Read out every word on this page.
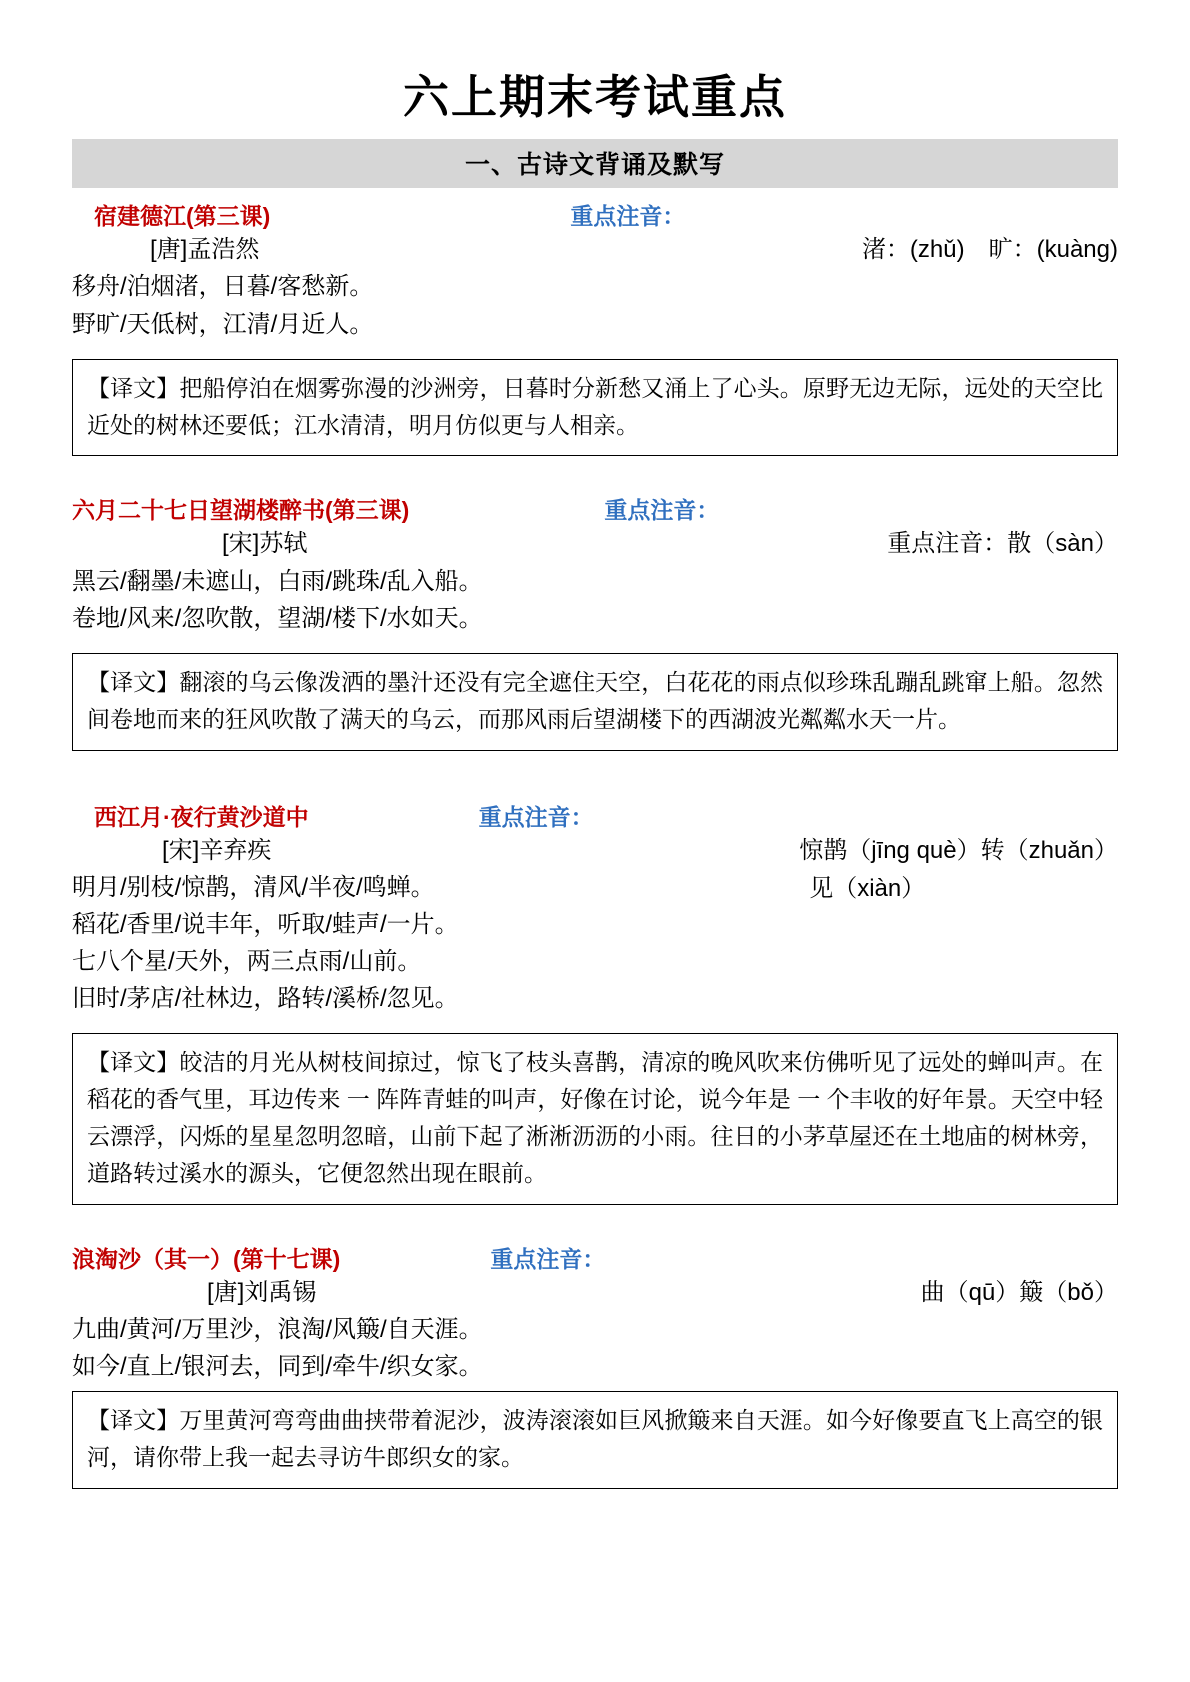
六上期末考试重点
一、古诗文背诵及默写
宿建德江(第三课)	重点注音：
[唐]孟浩然
移舟/泊烟渚，日暮/客愁新。
野旷/天低树，江清/月近人。
渚：(zhǔ)　旷：(kuàng)
【译文】把船停泊在烟雾弥漫的沙洲旁，日暮时分新愁又涌上了心头。原野无边无际，远处的天空比近处的树林还要低；江水清清，明月仿似更与人相亲。
六月二十七日望湖楼醉书(第三课)	重点注音：
[宋]苏轼
黑云/翻墨/未遮山，白雨/跳珠/乱入船。
卷地/风来/忽吹散，望湖/楼下/水如天。
重点注音：散（sàn）
【译文】翻滚的乌云像泼洒的墨汁还没有完全遮住天空，白花花的雨点似珍珠乱蹦乱跳窜上船。忽然间卷地而来的狂风吹散了满天的乌云，而那风雨后望湖楼下的西湖波光粼粼水天一片。
西江月·夜行黄沙道中	重点注音：
[宋]辛弃疾
明月/别枝/惊鹊，清风/半夜/鸣蝉。
稻花/香里/说丰年，听取/蛙声/一片。
七八个星/天外，两三点雨/山前。
旧时/茅店/社林边，路转/溪桥/忽见。
惊鹊（jīng què）转（zhuǎn）
见（xiàn）
【译文】皎洁的月光从树枝间掠过，惊飞了枝头喜鹊，清凉的晚风吹来仿佛听见了远处的蝉叫声。在稻花的香气里，耳边传来 一 阵阵青蛙的叫声，好像在讨论，说今年是 一 个丰收的好年景。天空中轻云漂浮，闪烁的星星忽明忽暗，山前下起了淅淅沥沥的小雨。往日的小茅草屋还在土地庙的树林旁，道路转过溪水的源头，它便忽然出现在眼前。
浪淘沙（其一）(第十七课)	重点注音：
[唐]刘禹锡
九曲/黄河/万里沙，浪淘/风簸/自天涯。
如今/直上/银河去，同到/牵牛/织女家。
曲（qū）簸（bǒ）
【译文】万里黄河弯弯曲曲挟带着泥沙，波涛滚滚如巨风掀簸来自天涯。如今好像要直飞上高空的银河，请你带上我一起去寻访牛郎织女的家。
